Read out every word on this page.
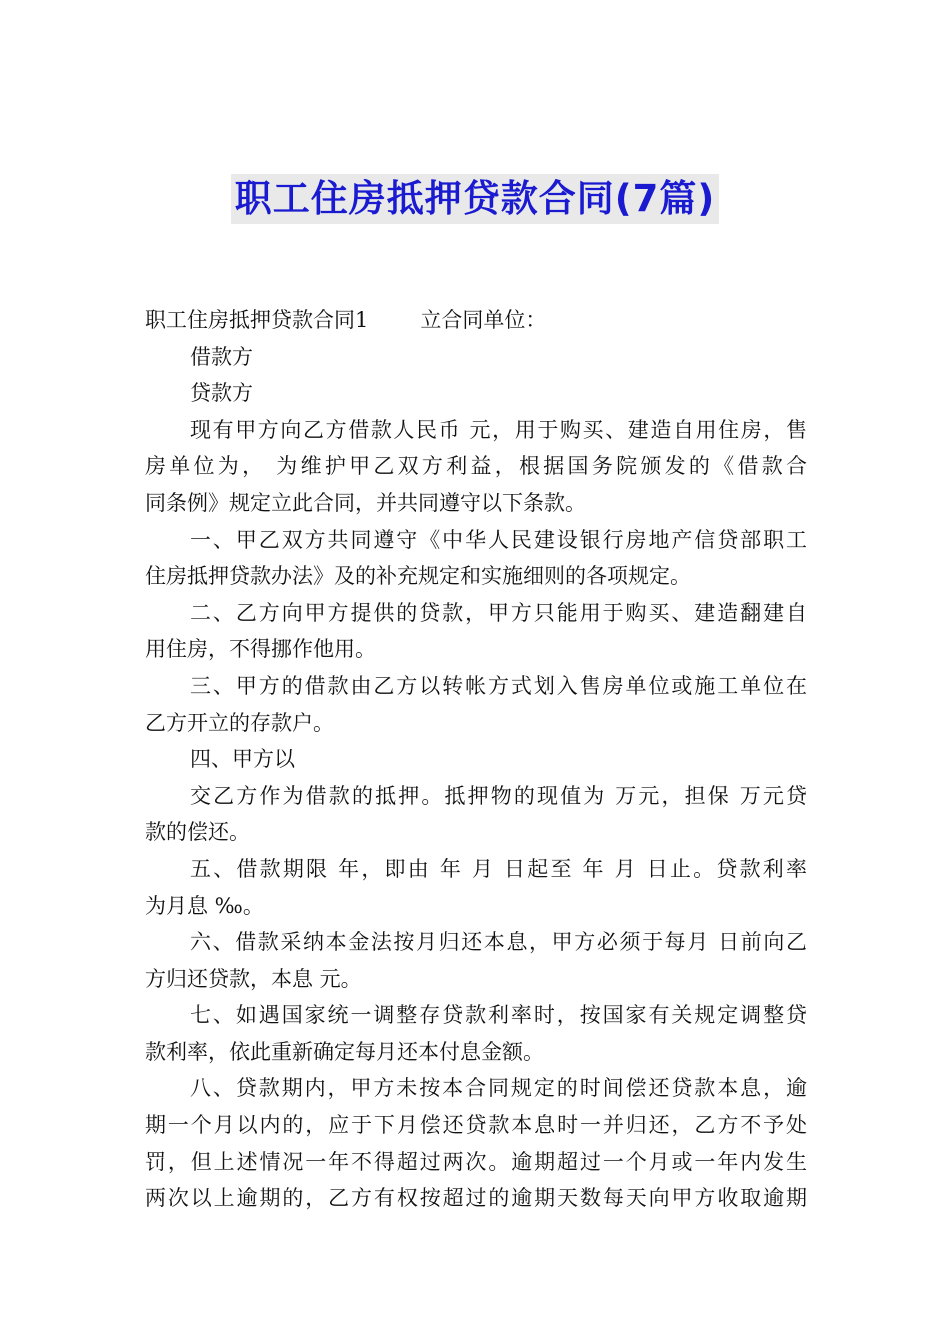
职工住房抵押贷款合同(7篇)
职工住房抵押贷款合同1 立合同单位：
借款方
贷款方
现有甲方向乙方借款人民币 元，用于购买、建造自用住房，售
房单位为， 为维护甲乙双方利益，根据国务院颁发的《借款合
同条例》规定立此合同，并共同遵守以下条款。
一、甲乙双方共同遵守《中华人民建设银行房地产信贷部职工
住房抵押贷款办法》及的补充规定和实施细则的各项规定。
二、乙方向甲方提供的贷款，甲方只能用于购买、建造翻建自
用住房，不得挪作他用。
三、甲方的借款由乙方以转帐方式划入售房单位或施工单位在
乙方开立的存款户。
四、甲方以
交乙方作为借款的抵押。抵押物的现值为 万元，担保 万元贷
款的偿还。
五、借款期限 年，即由 年 月 日起至 年 月 日止。贷款利率
为月息 ‰。
六、借款采纳本金法按月归还本息，甲方必须于每月 日前向乙
方归还贷款，本息 元。
七、如遇国家统一调整存贷款利率时，按国家有关规定调整贷
款利率，依此重新确定每月还本付息金额。
八、贷款期内，甲方未按本合同规定的时间偿还贷款本息，逾
期一个月以内的，应于下月偿还贷款本息时一并归还，乙方不予处
罚，但上述情况一年不得超过两次。逾期超过一个月或一年内发生
两次以上逾期的，乙方有权按超过的逾期天数每天向甲方收取逾期
